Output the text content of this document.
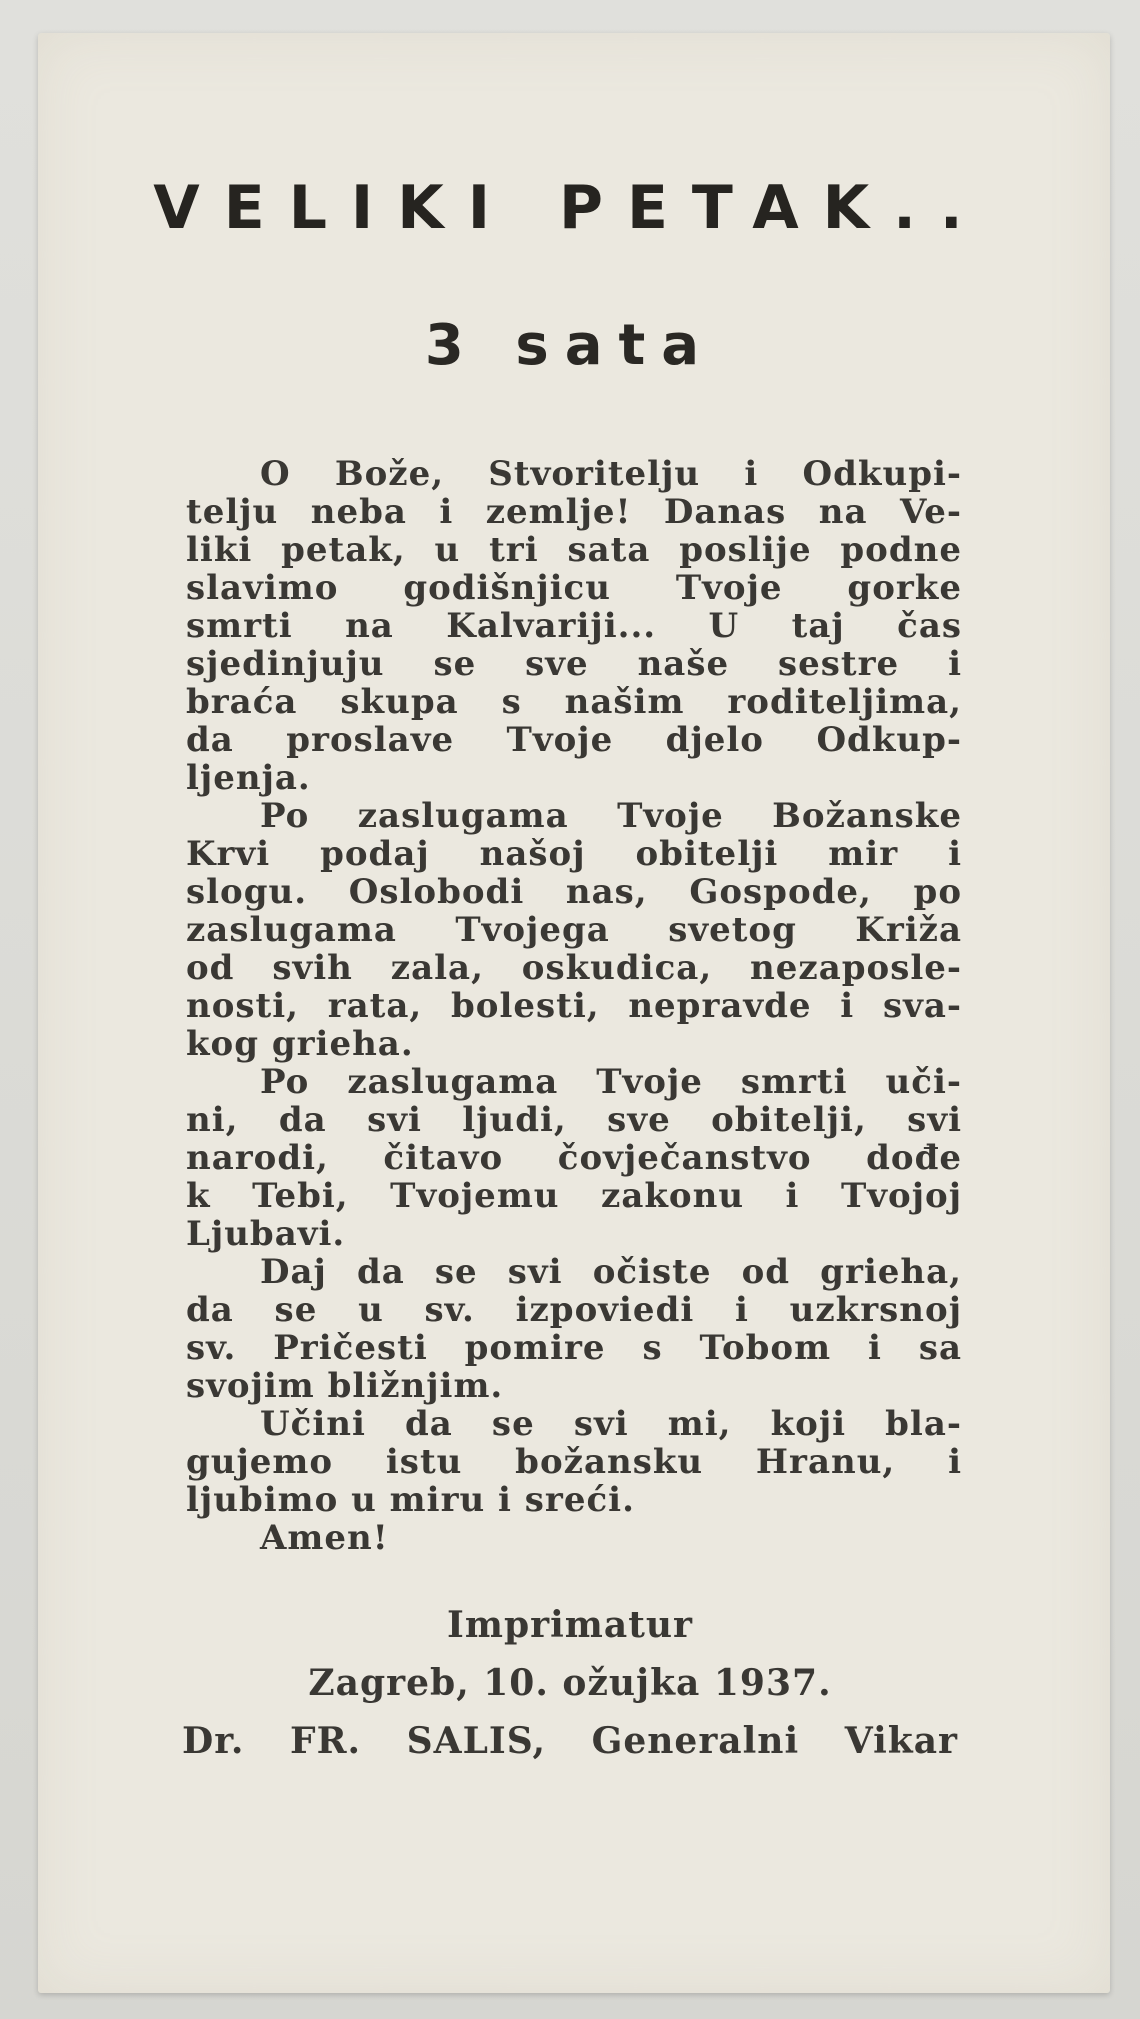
VELIKI PETAK..
3 sata
O Bože, Stvoritelju i Odkupi-
telju neba i zemlje! Danas na Ve-
liki petak, u tri sata poslije podne
slavimo godišnjicu Tvoje gorke
smrti na Kalvariji... U taj čas
sjedinjuju se sve naše sestre i
braća skupa s našim roditeljima,
da proslave Tvoje djelo Odkup-
ljenja.
Po zaslugama Tvoje Božanske
Krvi podaj našoj obitelji mir i
slogu. Oslobodi nas, Gospode, po
zaslugama Tvojega svetog Križa
od svih zala, oskudica, nezaposle-
nosti, rata, bolesti, nepravde i sva-
kog grieha.
Po zaslugama Tvoje smrti uči-
ni, da svi ljudi, sve obitelji, svi
narodi, čitavo čovječanstvo dođe
k Tebi, Tvojemu zakonu i Tvojoj
Ljubavi.
Daj da se svi očiste od grieha,
da se u sv. izpoviedi i uzkrsnoj
sv. Pričesti pomire s Tobom i sa
svojim bližnjim.
Učini da se svi mi, koji bla-
gujemo istu božansku Hranu, i
ljubimo u miru i sreći.
Amen!
Imprimatur
Zagreb, 10. ožujka 1937.
Dr. FR. SALIS, Generalni Vikar
